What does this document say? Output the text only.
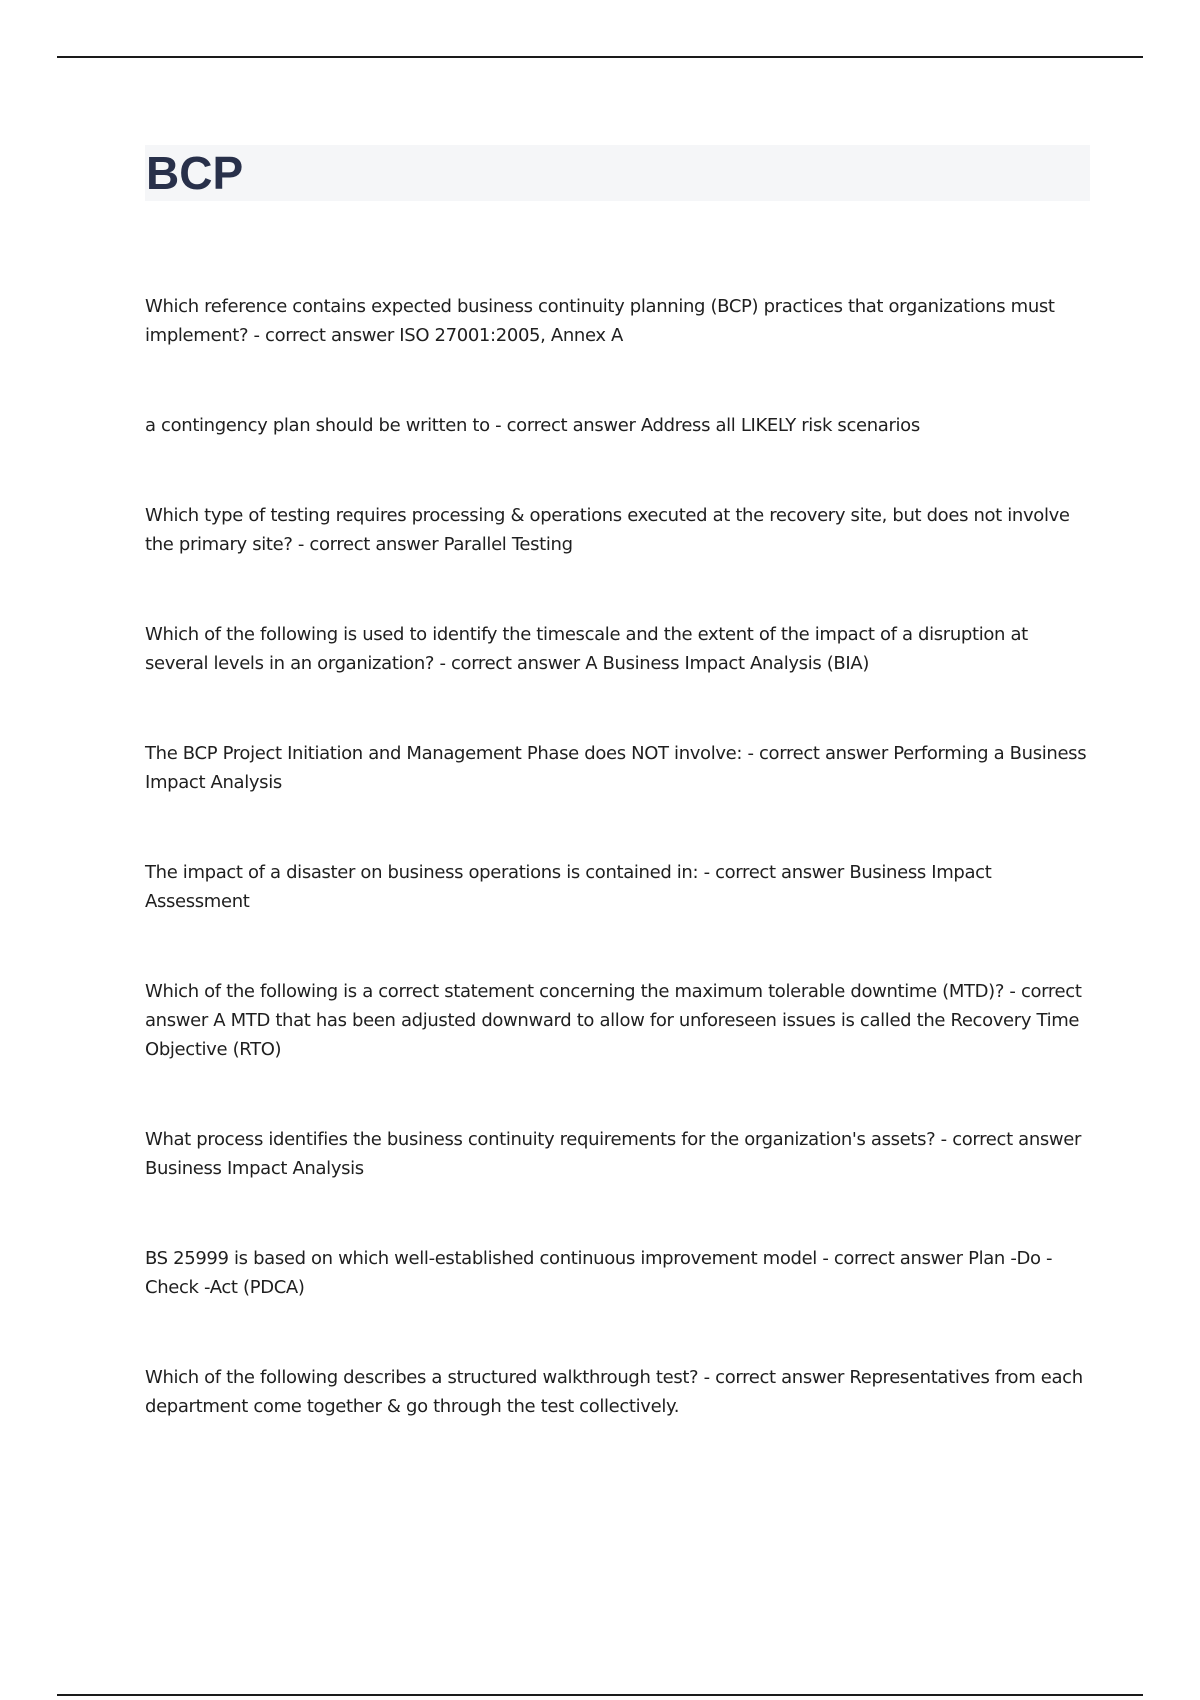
BCP

Which reference contains expected business continuity planning (BCP) practices that organizations must implement? - correct answer ISO 27001:2005, Annex A

a contingency plan should be written to - correct answer Address all LIKELY risk scenarios

Which type of testing requires processing & operations executed at the recovery site, but does not involve the primary site? - correct answer Parallel Testing

Which of the following is used to identify the timescale and the extent of the impact of a disruption at several levels in an organization? - correct answer A Business Impact Analysis (BIA)

The BCP Project Initiation and Management Phase does NOT involve: - correct answer Performing a Business Impact Analysis

The impact of a disaster on business operations is contained in: - correct answer Business Impact Assessment

Which of the following is a correct statement concerning the maximum tolerable downtime (MTD)? - correct answer A MTD that has been adjusted downward to allow for unforeseen issues is called the Recovery Time Objective (RTO)

What process identifies the business continuity requirements for the organization's assets? - correct answer Business Impact Analysis

BS 25999 is based on which well-established continuous improvement model - correct answer Plan -Do - Check -Act (PDCA)

Which of the following describes a structured walkthrough test? - correct answer Representatives from each department come together & go through the test collectively.
